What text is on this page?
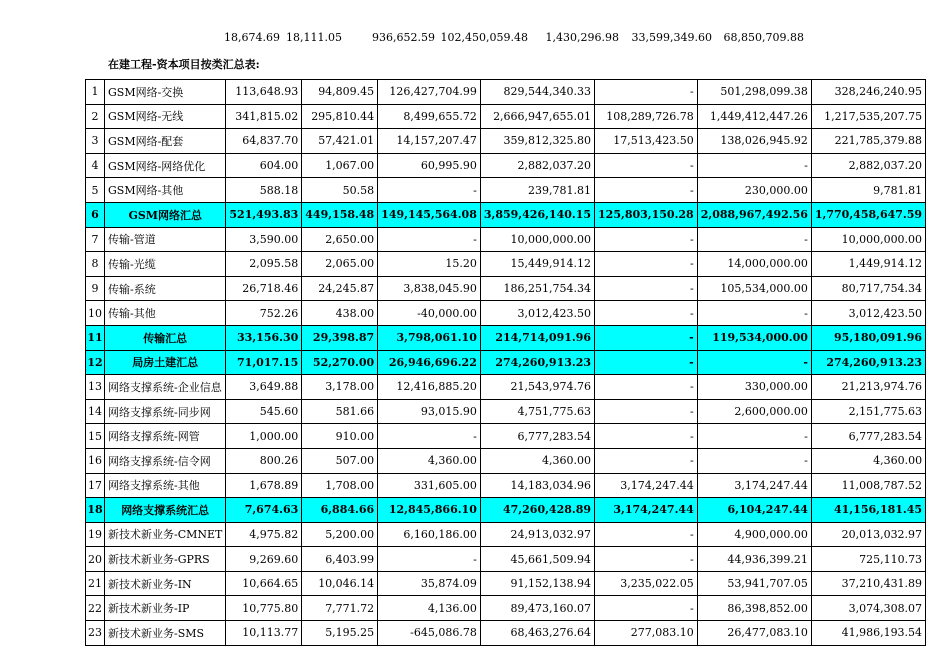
18,674.69 18,111.05	936,652.59 102,450,059.48	1,430,296.98	33,599,349.60	68,850,709.88
在建工程-资本项目按类汇总表:
1	GSM网络-交换	113,648.93	94,809.45	126,427,704.99	829,544,340.33	-	501,298,099.38	328,246,240.95
2	GSM网络-无线	341,815.02	295,810.44	8,499,655.72	2,666,947,655.01	108,289,726.78	1,449,412,447.26	1,217,535,207.75
3	GSM网络-配套	64,837.70	57,421.01	14,157,207.47	359,812,325.80	17,513,423.50	138,026,945.92	221,785,379.88
4	GSM网络-网络优化	604.00	1,067.00	60,995.90	2,882,037.20	-	-	2,882,037.20
5	GSM网络-其他	588.18	50.58	-	239,781.81	-	230,000.00	9,781.81
6	GSM网络汇总	521,493.83	449,158.48	149,145,564.08	3,859,426,140.15	125,803,150.28	2,088,967,492.56	1,770,458,647.59
7	传输-管道	3,590.00	2,650.00	-	10,000,000.00	-	-	10,000,000.00
8	传输-光缆	2,095.58	2,065.00	15.20	15,449,914.12	-	14,000,000.00	1,449,914.12
9	传输-系统	26,718.46	24,245.87	3,838,045.90	186,251,754.34	-	105,534,000.00	80,717,754.34
10	传输-其他	752.26	438.00	-40,000.00	3,012,423.50	-	-	3,012,423.50
11	传输汇总	33,156.30	29,398.87	3,798,061.10	214,714,091.96	-	119,534,000.00	95,180,091.96
12	局房土建汇总	71,017.15	52,270.00	26,946,696.22	274,260,913.23	-	-	274,260,913.23
13	网络支撑系统-企业信息	3,649.88	3,178.00	12,416,885.20	21,543,974.76	-	330,000.00	21,213,974.76
14	网络支撑系统-同步网	545.60	581.66	93,015.90	4,751,775.63	-	2,600,000.00	2,151,775.63
15	网络支撑系统-网管	1,000.00	910.00	-	6,777,283.54	-	-	6,777,283.54
16	网络支撑系统-信令网	800.26	507.00	4,360.00	4,360.00	-	-	4,360.00
17	网络支撑系统-其他	1,678.89	1,708.00	331,605.00	14,183,034.96	3,174,247.44	3,174,247.44	11,008,787.52
18	网络支撑系统汇总	7,674.63	6,884.66	12,845,866.10	47,260,428.89	3,174,247.44	6,104,247.44	41,156,181.45
19	新技术新业务-CMNET	4,975.82	5,200.00	6,160,186.00	24,913,032.97	-	4,900,000.00	20,013,032.97
20	新技术新业务-GPRS	9,269.60	6,403.99	-	45,661,509.94	-	44,936,399.21	725,110.73
21	新技术新业务-IN	10,664.65	10,046.14	35,874.09	91,152,138.94	3,235,022.05	53,941,707.05	37,210,431.89
22	新技术新业务-IP	10,775.80	7,771.72	4,136.00	89,473,160.07	-	86,398,852.00	3,074,308.07
23	新技术新业务-SMS	10,113.77	5,195.25	-645,086.78	68,463,276.64	277,083.10	26,477,083.10	41,986,193.54
